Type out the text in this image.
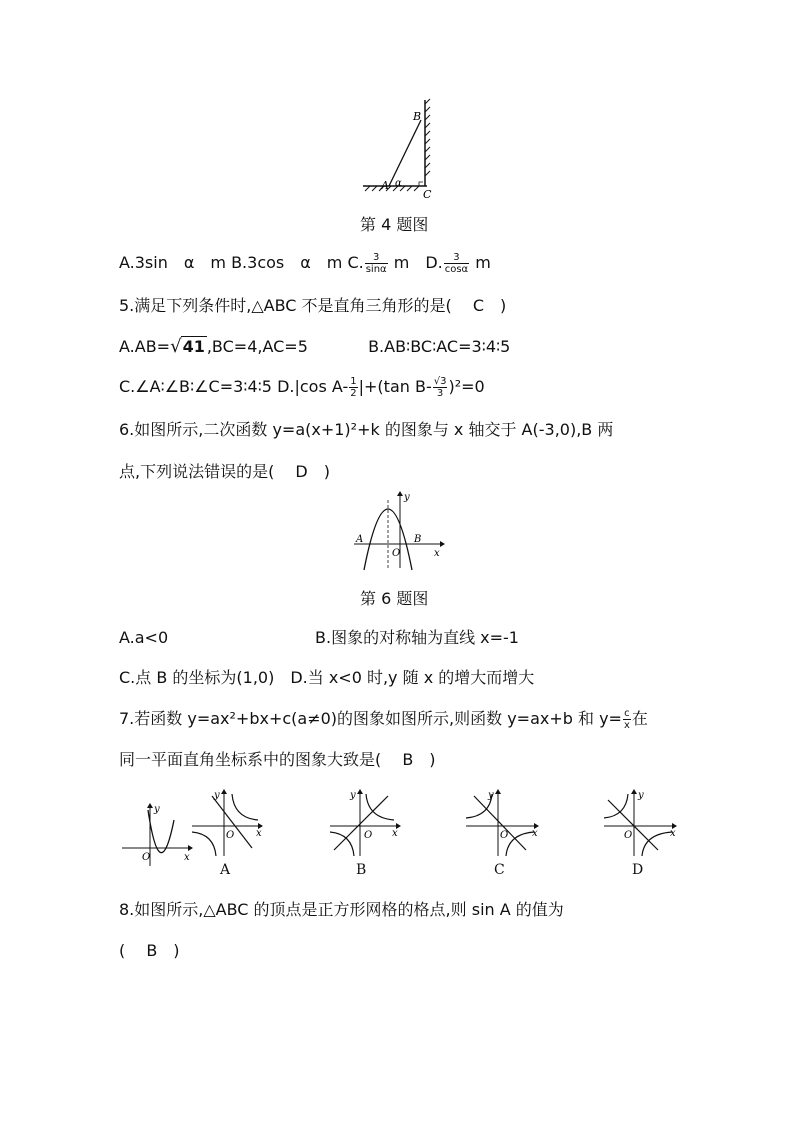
B
A α
C
第 4 题图
A.3sin　α　m B.3cos　α　m C. $\frac{3}{\sin\alpha}$ m　D. $\frac{3}{\cos\alpha}$ m
5.满足下列条件时,△ABC 不是直角三角形的是(　 C　)
A.AB=√41 ,BC=4,AC=5	B.AB∶BC∶AC=3∶4∶5
C.∠A∶∠B∶∠C=3∶4∶5 D.|cos $A- \frac{1}{2} |+(\tan$ $B- \frac{√3}{3} )^2=0$
6.如图所示,二次函数 y=a(x+1)²+k 的图象与 x 轴交于 A(-3,0),B 两
点,下列说法错误的是(　 D　)
y
x
A	B
O
第 6 题图
A.a<0	B.图象的对称轴为直线 x=-1
C.点 B 的坐标为(1,0)　D.当 x<0 时,y 随 x 的增大而增大
7.若函数 y=ax²+bx+c(a≠0)的图象如图所示,则函数 y=ax+b 和 $y= \frac{c}{x}$ 在
同一平面直角坐标系中的图象大致是(　 B　)
y
x
O
y
x
O
A
y
x
O
B
y
x
O
C
y
x
O
D
8.如图所示,△ABC 的顶点是正方形网格的格点,则 sin A 的值为
(　 B　)
